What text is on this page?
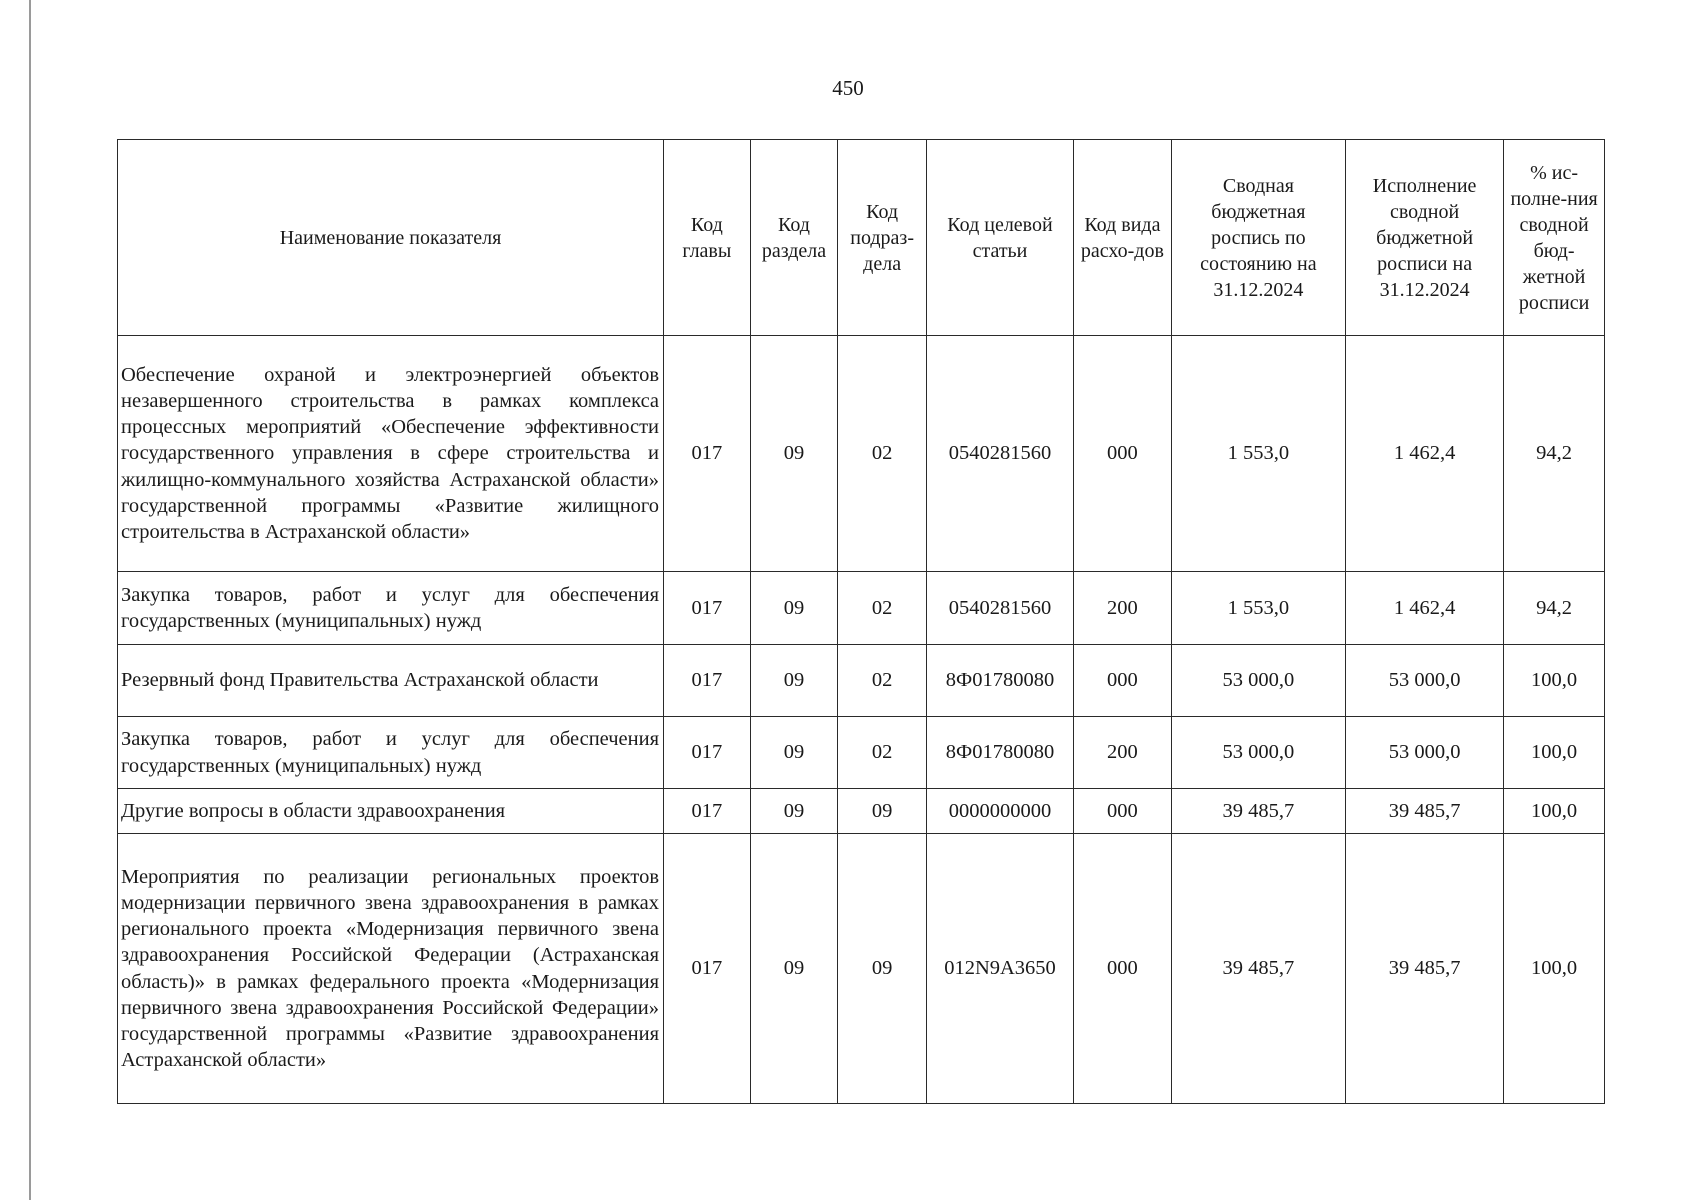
450
Наименование показателя	Код главы	Код раздела	Код подраз-дела	Код целевой статьи	Код вида расхо-дов	Сводная бюджетная роспись по состоянию на 31.12.2024	Исполнение сводной бюджетной росписи на 31.12.2024	% ис-полне-ния сводной бюд-жетной росписи
Обеспечение охраной и электроэнергией объектов незавершенного строительства в рамках комплекса процессных мероприятий «Обеспечение эффективности государственного управления в сфере строительства и жилищно-коммунального хозяйства Астраханской области» государственной программы «Развитие жилищного строительства в Астраханской области»	017	09	02	0540281560	000	1 553,0	1 462,4	94,2
Закупка товаров, работ и услуг для обеспечения государственных (муниципальных) нужд	017	09	02	0540281560	200	1 553,0	1 462,4	94,2
Резервный фонд Правительства Астраханской области	017	09	02	8Ф01780080	000	53 000,0	53 000,0	100,0
Закупка товаров, работ и услуг для обеспечения государственных (муниципальных) нужд	017	09	02	8Ф01780080	200	53 000,0	53 000,0	100,0
Другие вопросы в области здравоохранения	017	09	09	0000000000	000	39 485,7	39 485,7	100,0
Мероприятия по реализации региональных проектов модернизации первичного звена здравоохранения в рамках регионального проекта «Модернизация первичного звена здравоохранения Российской Федерации (Астраханская область)» в рамках федерального проекта «Модернизация первичного звена здравоохранения Российской Федерации» государственной программы «Развитие здравоохранения Астраханской области»	017	09	09	012N9A3650	000	39 485,7	39 485,7	100,0
